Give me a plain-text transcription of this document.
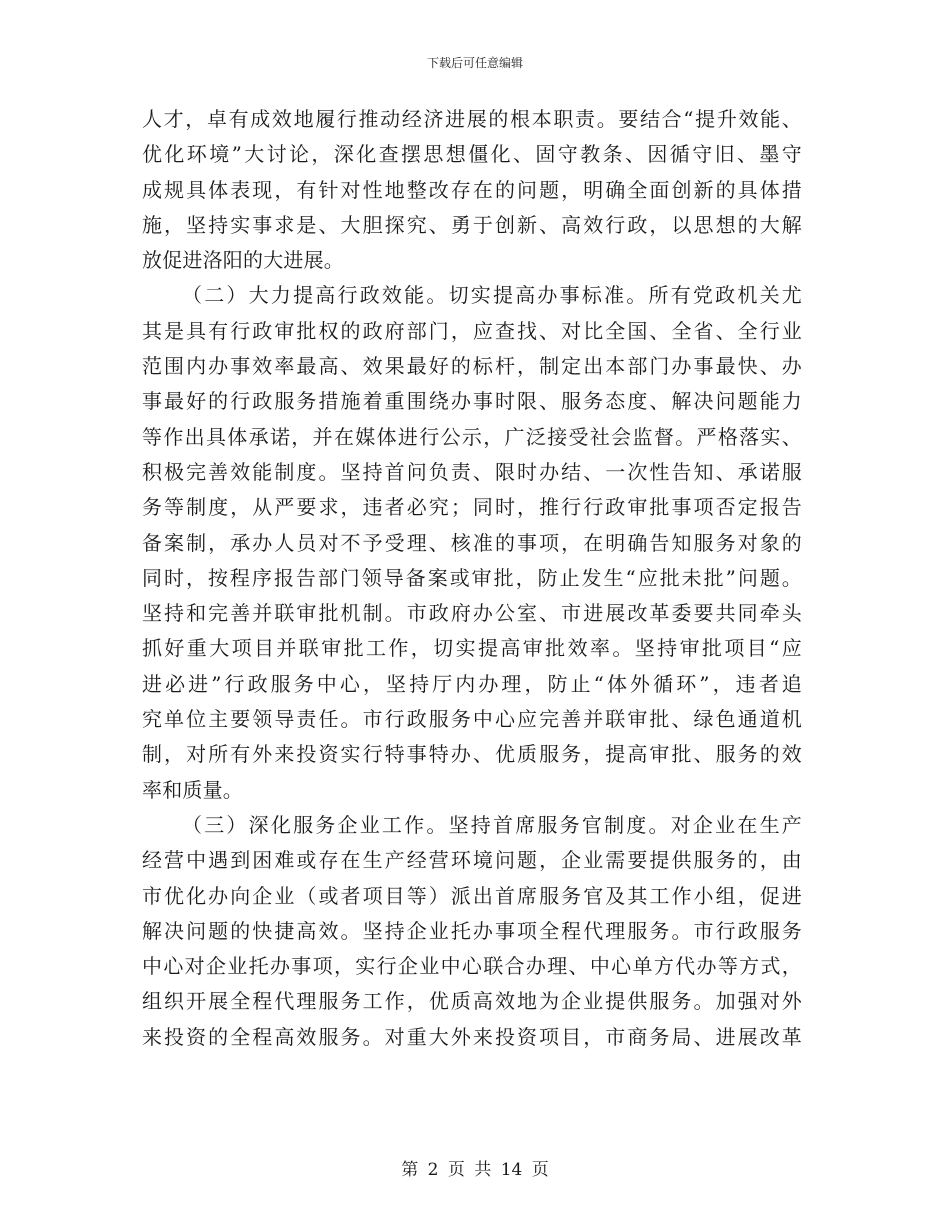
下载后可任意编辑
人才，卓有成效地履行推动经济进展的根本职责。要结合“提升效能、
优化环境”大讨论，深化查摆思想僵化、固守教条、因循守旧、墨守
成规具体表现，有针对性地整改存在的问题，明确全面创新的具体措
施，坚持实事求是、大胆探究、勇于创新、高效行政，以思想的大解
放促进洛阳的大进展。
（二）大力提高行政效能。切实提高办事标准。所有党政机关尤
其是具有行政审批权的政府部门，应查找、对比全国、全省、全行业
范围内办事效率最高、效果最好的标杆，制定出本部门办事最快、办
事最好的行政服务措施着重围绕办事时限、服务态度、解决问题能力
等作出具体承诺，并在媒体进行公示，广泛接受社会监督。严格落实、
积极完善效能制度。坚持首问负责、限时办结、一次性告知、承诺服
务等制度，从严要求，违者必究；同时，推行行政审批事项否定报告
备案制，承办人员对不予受理、核准的事项，在明确告知服务对象的
同时，按程序报告部门领导备案或审批，防止发生“应批未批”问题。
坚持和完善并联审批机制。市政府办公室、市进展改革委要共同牵头
抓好重大项目并联审批工作，切实提高审批效率。坚持审批项目“应
进必进”行政服务中心，坚持厅内办理，防止“体外循环”，违者追
究单位主要领导责任。市行政服务中心应完善并联审批、绿色通道机
制，对所有外来投资实行特事特办、优质服务，提高审批、服务的效
率和质量。
（三）深化服务企业工作。坚持首席服务官制度。对企业在生产
经营中遇到困难或存在生产经营环境问题，企业需要提供服务的，由
市优化办向企业（或者项目等）派出首席服务官及其工作小组，促进
解决问题的快捷高效。坚持企业托办事项全程代理服务。市行政服务
中心对企业托办事项，实行企业中心联合办理、中心单方代办等方式，
组织开展全程代理服务工作，优质高效地为企业提供服务。加强对外
来投资的全程高效服务。对重大外来投资项目，市商务局、进展改革
第 2 页 共 14 页
